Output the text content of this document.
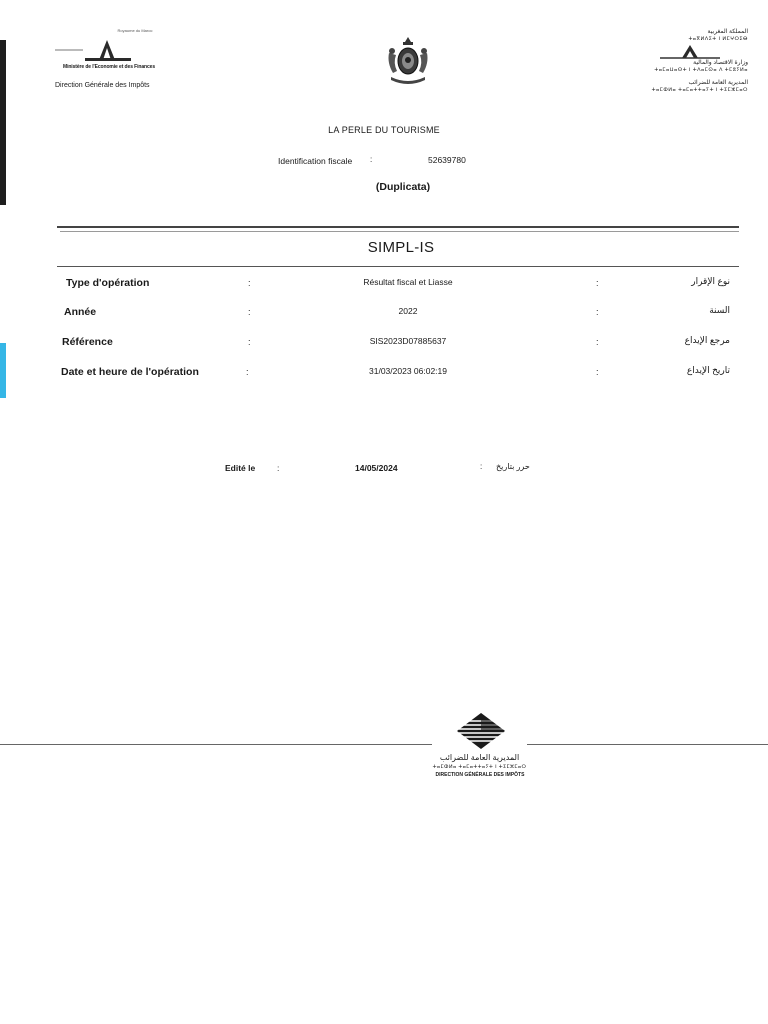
Royaume du Maroc
Ministère de l'Economie et des Finances
Direction Générale des Impôts
المملكة المغربية
ⵜⴰⴳⵍⴷⵉⵜ ⵏ ⵍⵎⵖⵔⵉⴱ
وزارة الاقتصاد والمالية
ⵜⴰⵎⴰⵡⴰⵙⵜ ⵏ ⵜⴷⴰⵎⵙⴰ ⴷ ⵜⵎⵓⵢⵍⴰ
المديرية العامة للضرائب
ⵜⴰⵎⵀⵍⴰ ⵜⴰⵎⴰⵜⵜⴰⵢⵜ ⵏ ⵜⵉⵎⵣⵎⴰⵔ
LA PERLE DU TOURISME
Identification fiscale :	52639780
(Duplicata)
SIMPL-IS
Type d'opération	:	Résultat fiscal et Liasse	:	نوع الإقرار
Année	:	2022	:	السنة
Référence	:	SIS2023D07885637	:	مرجع الإيداع
Date et heure de l'opération	:	31/03/2023 06:02:19	:	تاريخ الإيداع
Edité le	:	14/05/2024	: حرر بتاريخ
المديرية العامة للضرائب
ⵜⴰⵎⵀⵍⴰ ⵜⴰⵎⴰⵜⵜⴰⵢⵜ ⵏ ⵜⵉⵎⵣⵎⴰⵔ
DIRECTION GÉNÉRALE DES IMPÔTS
